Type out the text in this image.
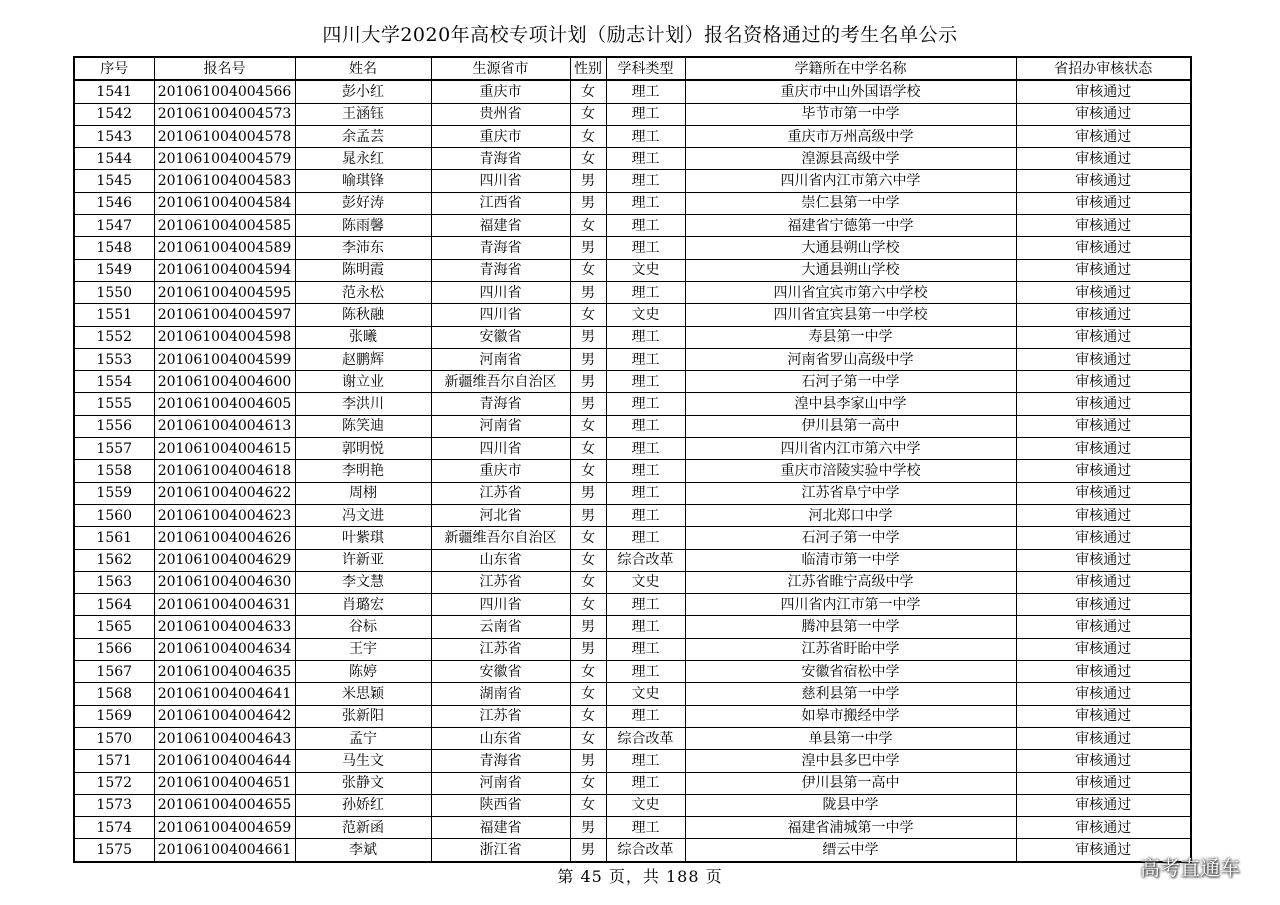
四川大学2020年高校专项计划（励志计划）报名资格通过的考生名单公示
序号	报名号	姓名	生源省市	性别	学科类型	学籍所在中学名称	省招办审核状态
1541	201061004004566	彭小红	重庆市	女	理工	重庆市中山外国语学校	审核通过
1542	201061004004573	王涵钰	贵州省	女	理工	毕节市第一中学	审核通过
1543	201061004004578	余孟芸	重庆市	女	理工	重庆市万州高级中学	审核通过
1544	201061004004579	晁永红	青海省	女	理工	湟源县高级中学	审核通过
1545	201061004004583	喻琪锋	四川省	男	理工	四川省内江市第六中学	审核通过
1546	201061004004584	彭好涛	江西省	男	理工	崇仁县第一中学	审核通过
1547	201061004004585	陈雨馨	福建省	女	理工	福建省宁德第一中学	审核通过
1548	201061004004589	李沛东	青海省	男	理工	大通县朔山学校	审核通过
1549	201061004004594	陈明霞	青海省	女	文史	大通县朔山学校	审核通过
1550	201061004004595	范永松	四川省	男	理工	四川省宜宾市第六中学校	审核通过
1551	201061004004597	陈秋融	四川省	女	文史	四川省宜宾县第一中学校	审核通过
1552	201061004004598	张曦	安徽省	男	理工	寿县第一中学	审核通过
1553	201061004004599	赵鹏辉	河南省	男	理工	河南省罗山高级中学	审核通过
1554	201061004004600	谢立业	新疆维吾尔自治区	男	理工	石河子第一中学	审核通过
1555	201061004004605	李洪川	青海省	男	理工	湟中县李家山中学	审核通过
1556	201061004004613	陈笑迪	河南省	女	理工	伊川县第一高中	审核通过
1557	201061004004615	郭明悦	四川省	女	理工	四川省内江市第六中学	审核通过
1558	201061004004618	李明艳	重庆市	女	理工	重庆市涪陵实验中学校	审核通过
1559	201061004004622	周栩	江苏省	男	理工	江苏省阜宁中学	审核通过
1560	201061004004623	冯文进	河北省	男	理工	河北郑口中学	审核通过
1561	201061004004626	叶紫琪	新疆维吾尔自治区	女	理工	石河子第一中学	审核通过
1562	201061004004629	许新亚	山东省	女	综合改革	临清市第一中学	审核通过
1563	201061004004630	李文慧	江苏省	女	文史	江苏省睢宁高级中学	审核通过
1564	201061004004631	肖璐宏	四川省	女	理工	四川省内江市第一中学	审核通过
1565	201061004004633	谷标	云南省	男	理工	腾冲县第一中学	审核通过
1566	201061004004634	王宇	江苏省	男	理工	江苏省盱眙中学	审核通过
1567	201061004004635	陈婷	安徽省	女	理工	安徽省宿松中学	审核通过
1568	201061004004641	米思颖	湖南省	女	文史	慈利县第一中学	审核通过
1569	201061004004642	张新阳	江苏省	女	理工	如皋市搬经中学	审核通过
1570	201061004004643	孟宁	山东省	女	综合改革	单县第一中学	审核通过
1571	201061004004644	马生文	青海省	男	理工	湟中县多巴中学	审核通过
1572	201061004004651	张静文	河南省	女	理工	伊川县第一高中	审核通过
1573	201061004004655	孙娇红	陕西省	女	文史	陇县中学	审核通过
1574	201061004004659	范新函	福建省	男	理工	福建省浦城第一中学	审核通过
1575	201061004004661	李斌	浙江省	男	综合改革	缙云中学	审核通过
第 45 页，共 188 页	高考直通车
